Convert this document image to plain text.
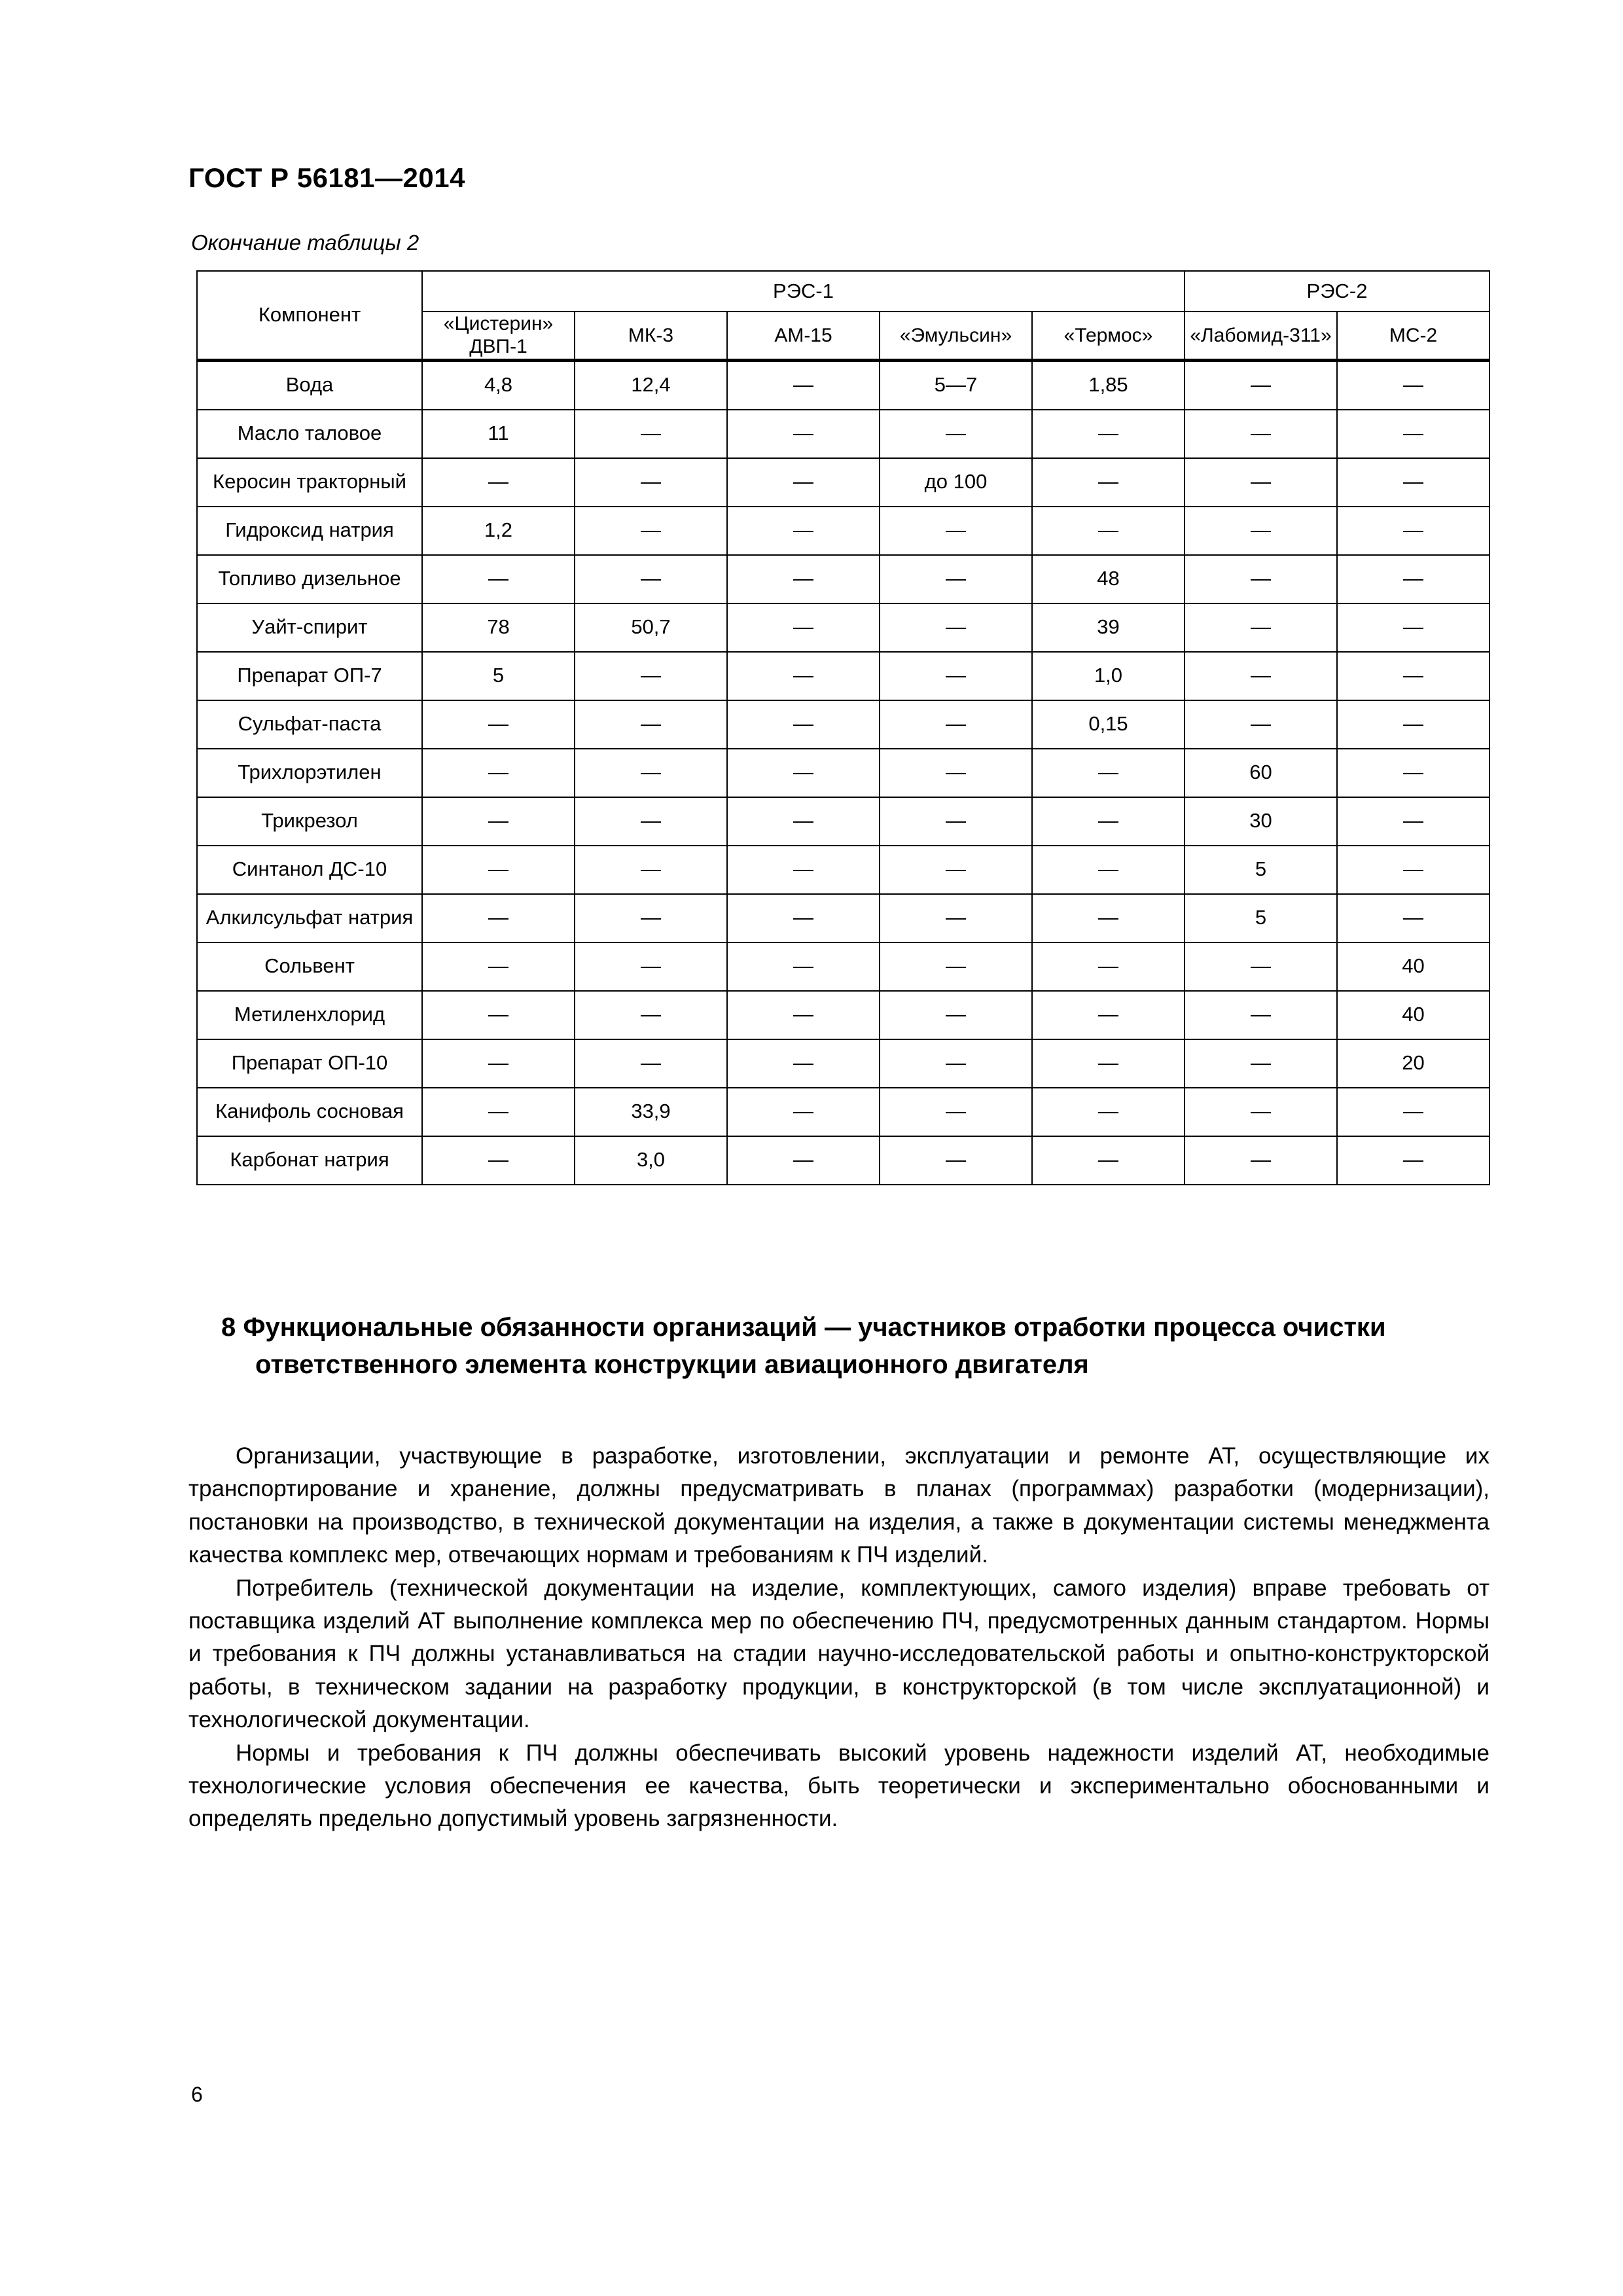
ГОСТ Р 56181—2014
Окончание таблицы 2
Компонент	РЭС-1					РЭС-2	
	«Цистерин» ДВП-1	МК-3	АМ-15	«Эмульсин»	«Термос»	«Лабомид-311»	МС-2
Вода	4,8	12,4	—	5—7	1,85	—	—
Масло таловое	11	—	—	—	—	—	—
Керосин тракторный	—	—	—	до 100	—	—	—
Гидроксид натрия	1,2	—	—	—	—	—	—
Топливо дизельное	—	—	—	—	48	—	—
Уайт-спирит	78	50,7	—	—	39	—	—
Препарат ОП-7	5	—	—	—	1,0	—	—
Сульфат-паста	—	—	—	—	0,15	—	—
Трихлорэтилен	—	—	—	—	—	60	—
Трикрезол	—	—	—	—	—	30	—
Синтанол ДС-10	—	—	—	—	—	5	—
Алкилсульфат натрия	—	—	—	—	—	5	—
Сольвент	—	—	—	—	—	—	40
Метиленхлорид	—	—	—	—	—	—	40
Препарат ОП-10	—	—	—	—	—	—	20
Канифоль сосновая	—	33,9	—	—	—	—	—
Карбонат натрия	—	3,0	—	—	—	—	—
8 Функциональные обязанности организаций — участников отработки процесса очистки ответственного элемента конструкции авиационного двигателя

Организации, участвующие в разработке, изготовлении, эксплуатации и ремонте АТ, осуществляющие их транспортирование и хранение, должны предусматривать в планах (программах) разработки (модернизации), постановки на производство, в технической документации на изделия, а также в документации системы менеджмента качества комплекс мер, отвечающих нормам и требованиям к ПЧ изделий.

Потребитель (технической документации на изделие, комплектующих, самого изделия) вправе требовать от поставщика изделий АТ выполнение комплекса мер по обеспечению ПЧ, предусмотренных данным стандартом. Нормы и требования к ПЧ должны устанавливаться на стадии научно-исследовательской работы и опытно-конструкторской работы, в техническом задании на разработку продукции, в конструкторской (в том числе эксплуатационной) и технологической документации.

Нормы и требования к ПЧ должны обеспечивать высокий уровень надежности изделий АТ, необходимые технологические условия обеспечения ее качества, быть теоретически и экспериментально обоснованными и определять предельно допустимый уровень загрязненности.

6
